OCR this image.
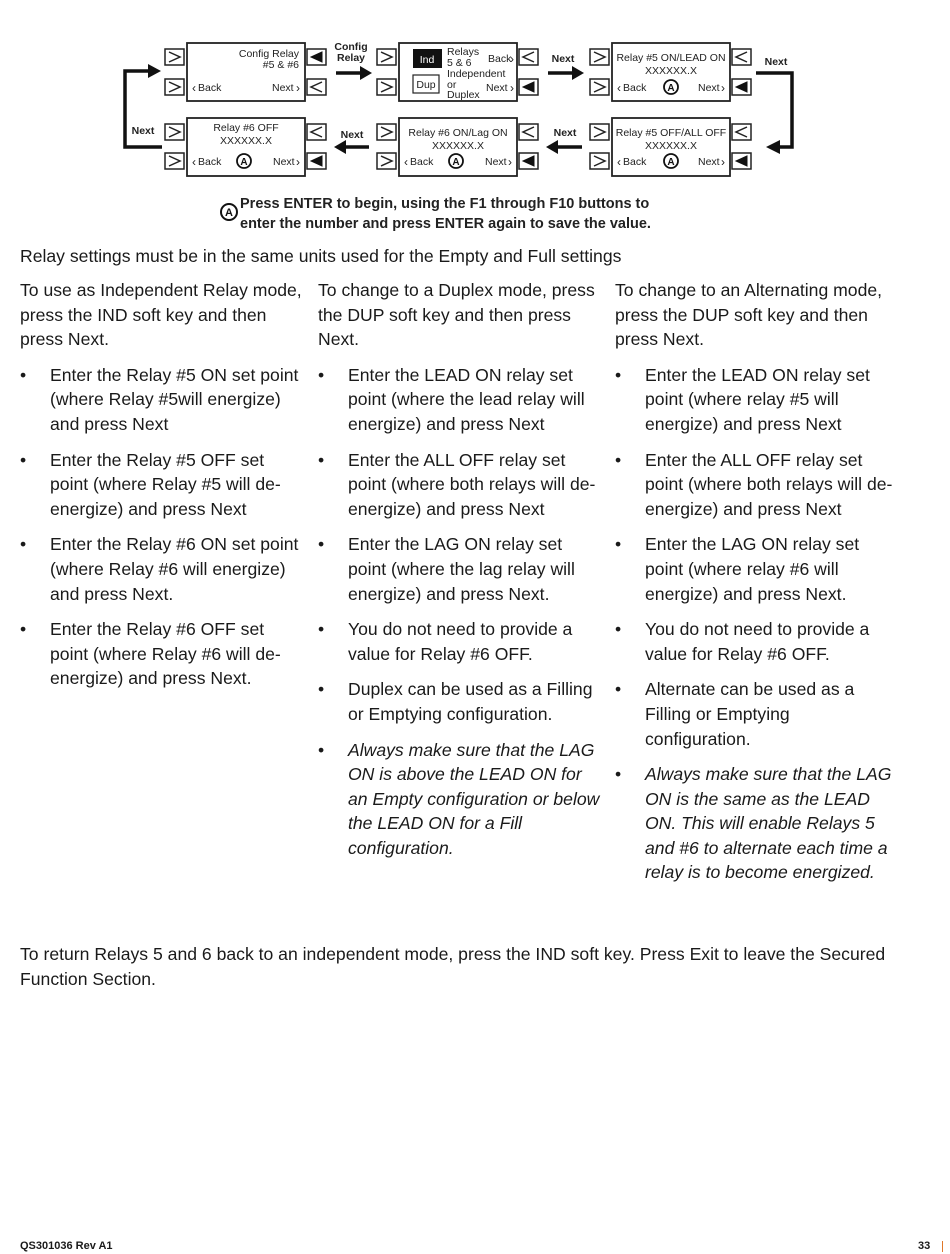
Config Relay
#5 & #6
‹ Back	Next ›
Config
Relay	Ind
Dup
Relays
5 & 6
Independent
or
Duplex
Back
›
Next ›
Next	Relay #5 ON/LEAD ON
XXXXXX.X
‹ Back A Next ›
Next
Relay #5 OFF/ALL OFF
XXXXXX.X
‹ Back A Next ›
Next
Relay #6 ON/Lag ON
XXXXXX.X
‹ Back A Next ›
Next
Relay #6 OFF
XXXXXX.X
‹ Back A Next ›
Next
A
Press ENTER to begin, using the F1 through F10 buttons to
enter the number and press ENTER again to save the value.

Relay settings must be in the same units used for the Empty and Full settings

To use as Independent Relay mode, press the IND soft key and then press Next.

• Enter the Relay #5 ON set point (where Relay #5will energize) and press Next
• Enter the Relay #5 OFF set point (where Relay #5 will de-energize) and press Next
• Enter the Relay #6 ON set point (where Relay #6 will energize) and press Next.
• Enter the Relay #6 OFF set point (where Relay #6 will de-energize) and press Next.

To change to a Duplex mode, press the DUP soft key and then press Next.

• Enter the LEAD ON relay set point (where the lead relay will energize) and press Next
• Enter the ALL OFF relay set point (where both relays will de-energize) and press Next
• Enter the LAG ON relay set point (where the lag relay will energize) and press Next.
• You do not need to provide a value for Relay #6 OFF.
• Duplex can be used as a Filling or Emptying configuration.
• Always make sure that the LAG ON is above the LEAD ON for an Empty configuration or below the LEAD ON for a Fill configuration.

To change to an Alternating mode, press the DUP soft key and then press Next.

• Enter the LEAD ON relay set point (where relay #5 will energize) and press Next
• Enter the ALL OFF relay set point (where both relays will de-energize) and press Next
• Enter the LAG ON relay set point (where relay #6 will energize) and press Next.
• You do not need to provide a value for Relay #6 OFF.
• Alternate can be used as a Filling or Emptying configuration.
• Always make sure that the LAG ON is the same as the LEAD ON. This will enable Relays 5 and #6 to alternate each time a relay is to become energized.

To return Relays 5 and 6 back to an independent mode, press the IND soft key. Press Exit to leave the Secured Function Section.

QS301036 Rev A1	33
